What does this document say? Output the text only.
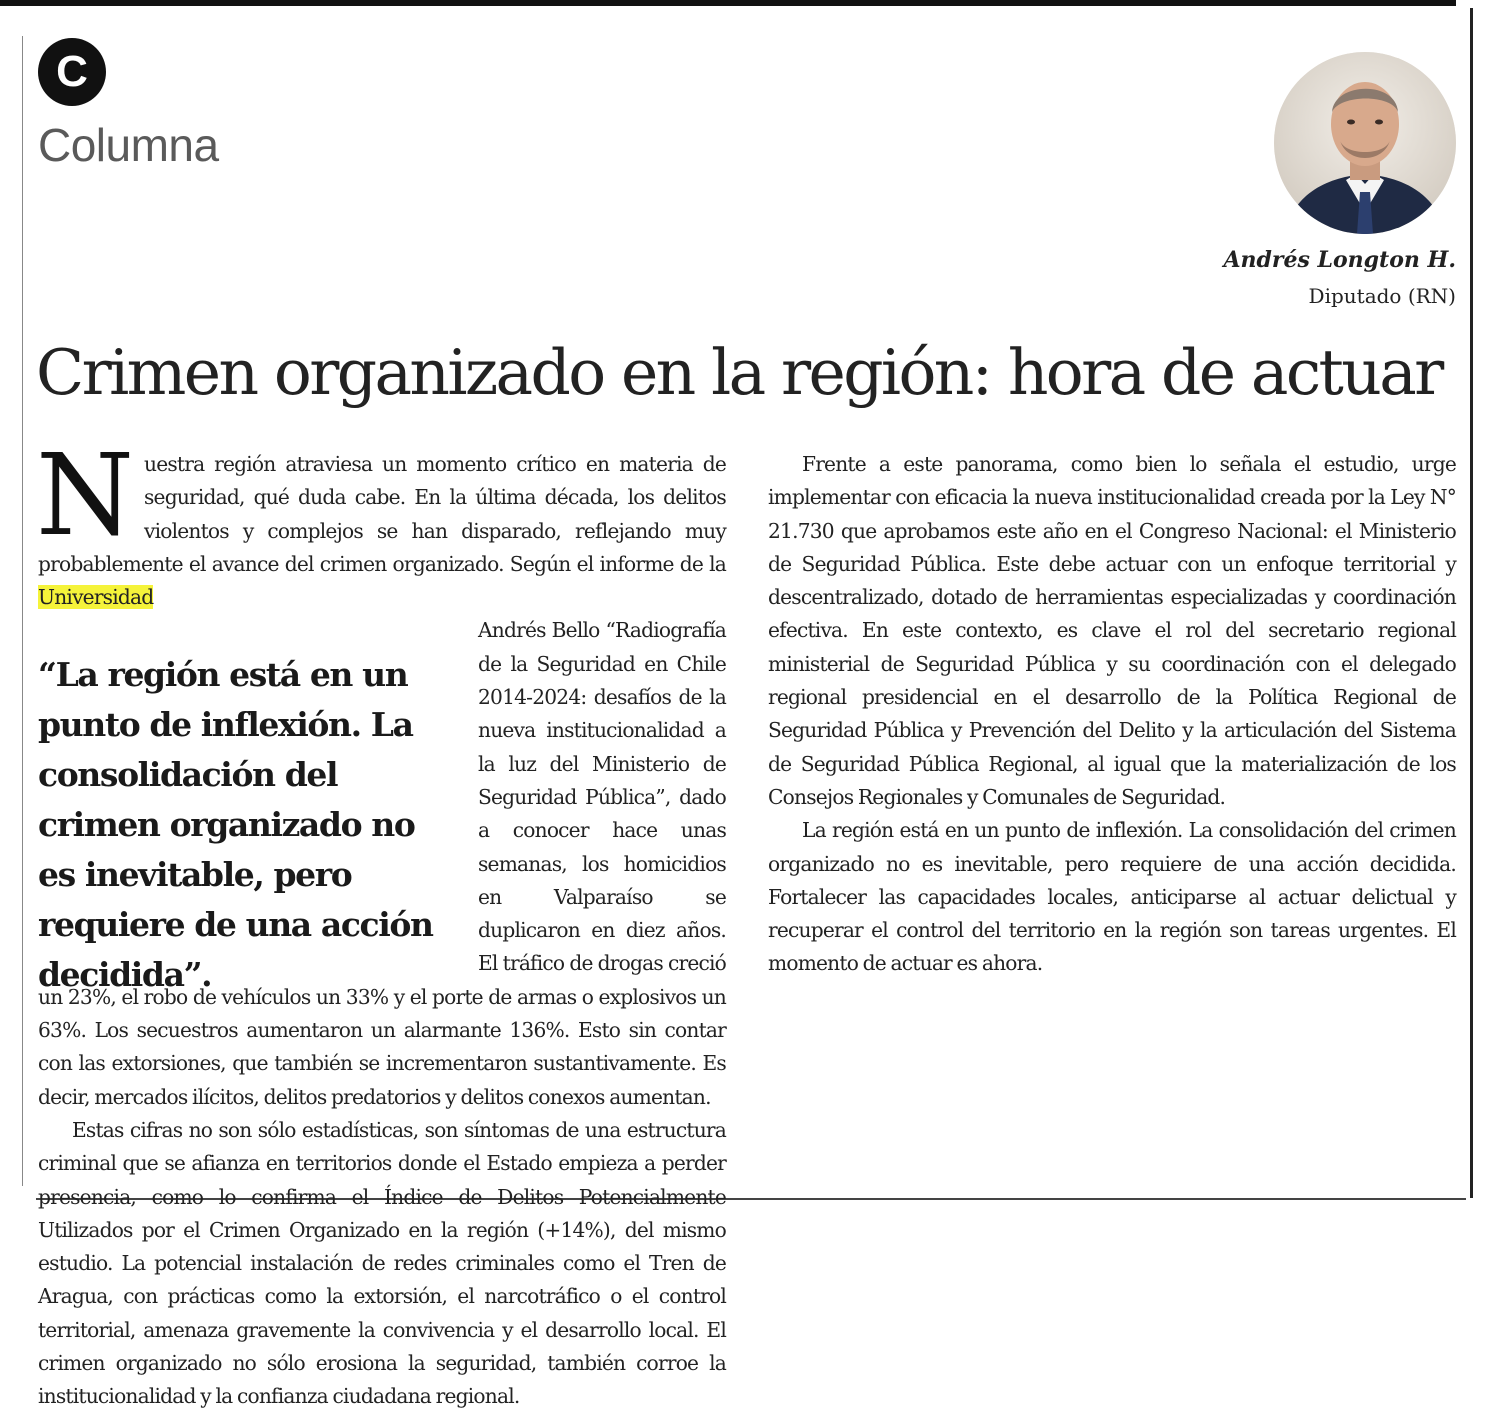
C
Columna
Andrés Longton H.
Diputado (RN)
Crimen organizado en la región: hora de actuar

Nuestra región atraviesa un momento crítico en materia de seguridad, qué duda cabe. En la última década, los delitos violentos y complejos se han disparado, reflejando muy probablemente el avance del crimen organizado. Según el informe de la Universidad

“La región está en un punto de inflexión. La consolidación del crimen organizado no es inevitable, pero requiere de una acción decidida”.

Andrés Bello “Radiografía de la Seguridad en Chile 2014-2024: desafíos de la nueva institucionalidad a la luz del Ministerio de Seguridad Pública”, dado a conocer hace unas semanas, los homicidios en Valparaíso se duplicaron en diez años. El tráfico de drogas creció un 23%, el robo de vehículos un 33% y el porte de armas o explosivos un 63%. Los secuestros aumentaron un alarmante 136%. Esto sin contar con las extorsiones, que también se incrementaron sustantivamente. Es decir, mercados ilícitos, delitos predatorios y delitos conexos aumentan.

Estas cifras no son sólo estadísticas, son síntomas de una estructura criminal que se afianza en territorios donde el Estado empieza a perder presencia, como lo confirma el Índice de Delitos Potencialmente Utilizados por el Crimen Organizado en la región (+14%), del mismo estudio. La potencial instalación de redes criminales como el Tren de Aragua, con prácticas como la extorsión, el narcotráfico o el control territorial, amenaza gravemente la convivencia y el desarrollo local. El crimen organizado no sólo erosiona la seguridad, también corroe la institucionalidad y la confianza ciudadana regional.

Frente a este panorama, como bien lo señala el estudio, urge implementar con eficacia la nueva institucionalidad creada por la Ley N° 21.730 que aprobamos este año en el Congreso Nacional: el Ministerio de Seguridad Pública. Este debe actuar con un enfoque territorial y descentralizado, dotado de herramientas especializadas y coordinación efectiva. En este contexto, es clave el rol del secretario regional ministerial de Seguridad Pública y su coordinación con el delegado regional presidencial en el desarrollo de la Política Regional de Seguridad Pública y Prevención del Delito y la articulación del Sistema de Seguridad Pública Regional, al igual que la materialización de los Consejos Regionales y Comunales de Seguridad.

La región está en un punto de inflexión. La consolidación del crimen organizado no es inevitable, pero requiere de una acción decidida. Fortalecer las capacidades locales, anticiparse al actuar delictual y recuperar el control del territorio en la región son tareas urgentes. El momento de actuar es ahora.
